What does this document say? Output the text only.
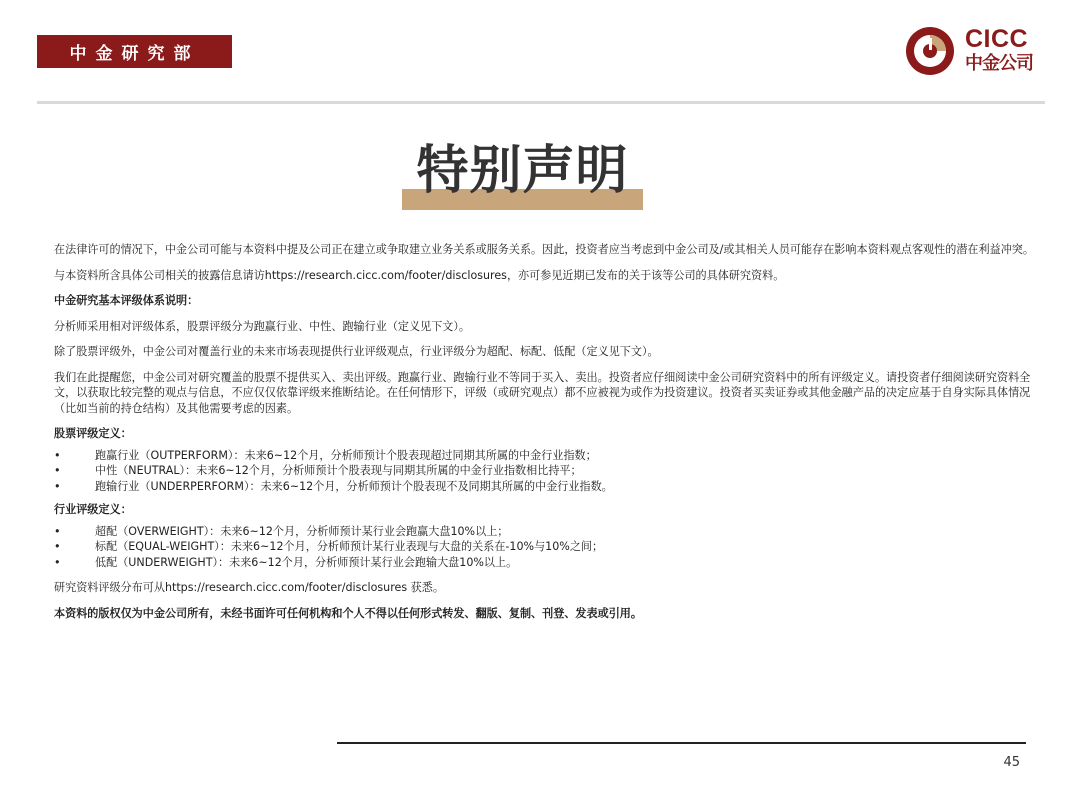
中金研究部
CICC
中金公司
特别声明

在法律许可的情况下，中金公司可能与本资料中提及公司正在建立或争取建立业务关系或服务关系。因此，投资者应当考虑到中金公司及/或其相关人员可能存在影响本资料观点客观性的潜在利益冲突。

与本资料所含具体公司相关的披露信息请访https://research.cicc.com/footer/disclosures，亦可参见近期已发布的关于该等公司的具体研究资料。

中金研究基本评级体系说明：

分析师采用相对评级体系，股票评级分为跑赢行业、中性、跑输行业（定义见下文）。

除了股票评级外，中金公司对覆盖行业的未来市场表现提供行业评级观点，行业评级分为超配、标配、低配（定义见下文）。

我们在此提醒您，中金公司对研究覆盖的股票不提供买入、卖出评级。跑赢行业、跑输行业不等同于买入、卖出。投资者应仔细阅读中金公司研究资料中的所有评级定义。请投资者仔细阅读研究资料全文，以获取比较完整的观点与信息，不应仅仅依靠评级来推断结论。在任何情形下，评级（或研究观点）都不应被视为或作为投资建议。投资者买卖证券或其他金融产品的决定应基于自身实际具体情况（比如当前的持仓结构）及其他需要考虑的因素。

股票评级定义：

• 跑赢行业（OUTPERFORM）：未来6~12个月，分析师预计个股表现超过同期其所属的中金行业指数；
• 中性（NEUTRAL）：未来6~12个月，分析师预计个股表现与同期其所属的中金行业指数相比持平；
• 跑输行业（UNDERPERFORM）：未来6~12个月，分析师预计个股表现不及同期其所属的中金行业指数。

行业评级定义：

• 超配（OVERWEIGHT）：未来6~12个月，分析师预计某行业会跑赢大盘10%以上；
• 标配（EQUAL-WEIGHT）：未来6~12个月，分析师预计某行业表现与大盘的关系在-10%与10%之间；
• 低配（UNDERWEIGHT）：未来6~12个月，分析师预计某行业会跑输大盘10%以上。

研究资料评级分布可从https://research.cicc.com/footer/disclosures 获悉。

本资料的版权仅为中金公司所有，未经书面许可任何机构和个人不得以任何形式转发、翻版、复制、刊登、发表或引用。

45
